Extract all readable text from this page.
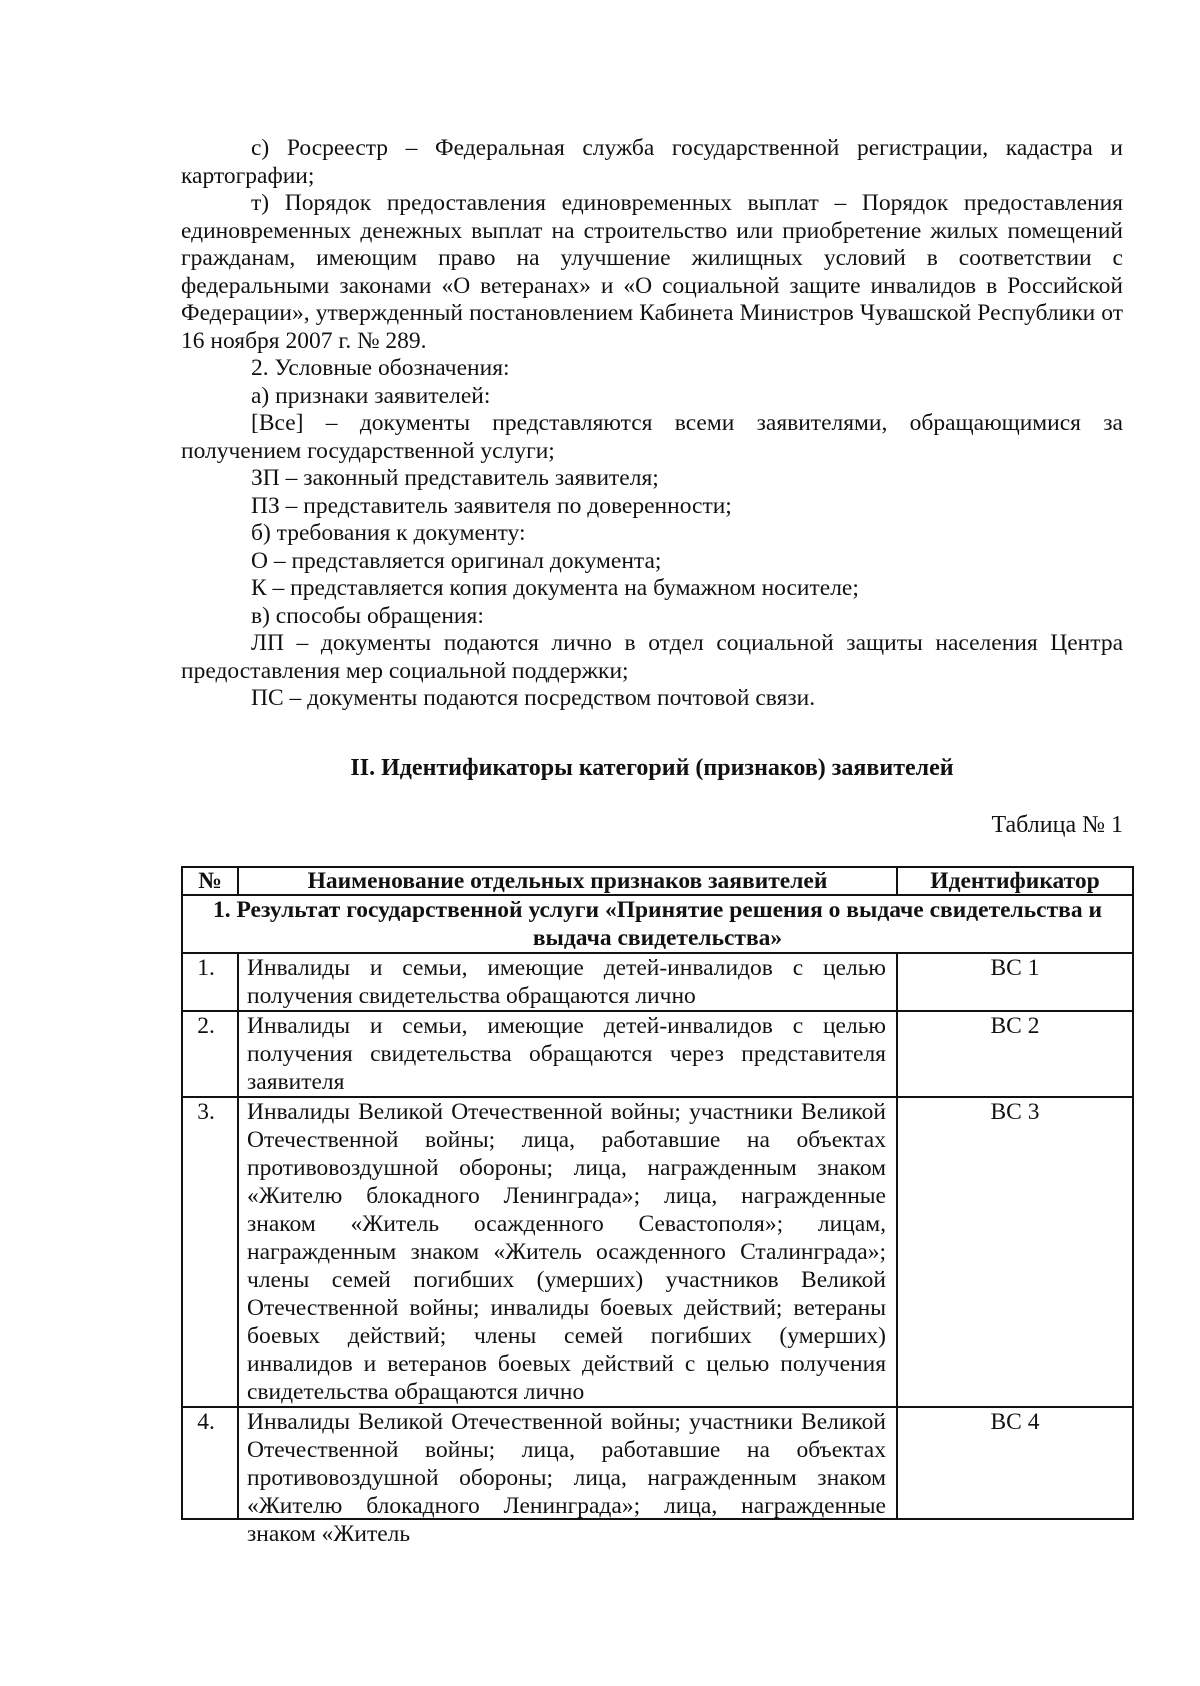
с) Росреестр – Федеральная служба государственной регистрации, кадастра и картографии;

т) Порядок предоставления единовременных выплат – Порядок предоставления единовременных денежных выплат на строительство или приобретение жилых помещений гражданам, имеющим право на улучшение жилищных условий в соответствии с федеральными законами «О ветеранах» и «О социальной защите инвалидов в Российской Федерации», утвержденный постановлением Кабинета Министров Чувашской Республики от 16 ноября 2007 г. № 289.

2. Условные обозначения:

а) признаки заявителей:

[Все] – документы представляются всеми заявителями, обращающимися за получением государственной услуги;

ЗП – законный представитель заявителя;

ПЗ – представитель заявителя по доверенности;

б) требования к документу:

О – представляется оригинал документа;

К – представляется копия документа на бумажном носителе;

в) способы обращения:

ЛП – документы подаются лично в отдел социальной защиты населения Центра предоставления мер социальной поддержки;

ПС – документы подаются посредством почтовой связи.

II. Идентификаторы категорий (признаков) заявителей

Таблица № 1

№	Наименование отдельных признаков заявителей	Идентификатор
1. Результат государственной услуги «Принятие решения о выдаче свидетельства и выдача свидетельства»		
1.	Инвалиды и семьи, имеющие детей-инвалидов с целью получения свидетельства обращаются лично	ВС 1
2.	Инвалиды и семьи, имеющие детей-инвалидов с целью получения свидетельства обращаются через представителя заявителя	ВС 2
3.	Инвалиды Великой Отечественной войны; участники Великой Отечественной войны; лица, работавшие на объектах противовоздушной обороны; лица, награжденным знаком «Жителю блокадного Ленинграда»; лица, награжденные знаком «Житель осажденного Севастополя»; лицам, награжденным знаком «Житель осажденного Сталинграда»; члены семей погибших (умерших) участников Великой Отечественной войны; инвалиды боевых действий; ветераны боевых действий; члены семей погибших (умерших) инвалидов и ветеранов боевых действий с целью получения свидетельства обращаются лично	ВС 3
4.	Инвалиды Великой Отечественной войны; участники Великой Отечественной войны; лица, работавшие на объектах противовоздушной обороны; лица, награжденным знаком «Жителю блокадного Ленинграда»; лица, награжденные знаком «Житель	ВС 4
